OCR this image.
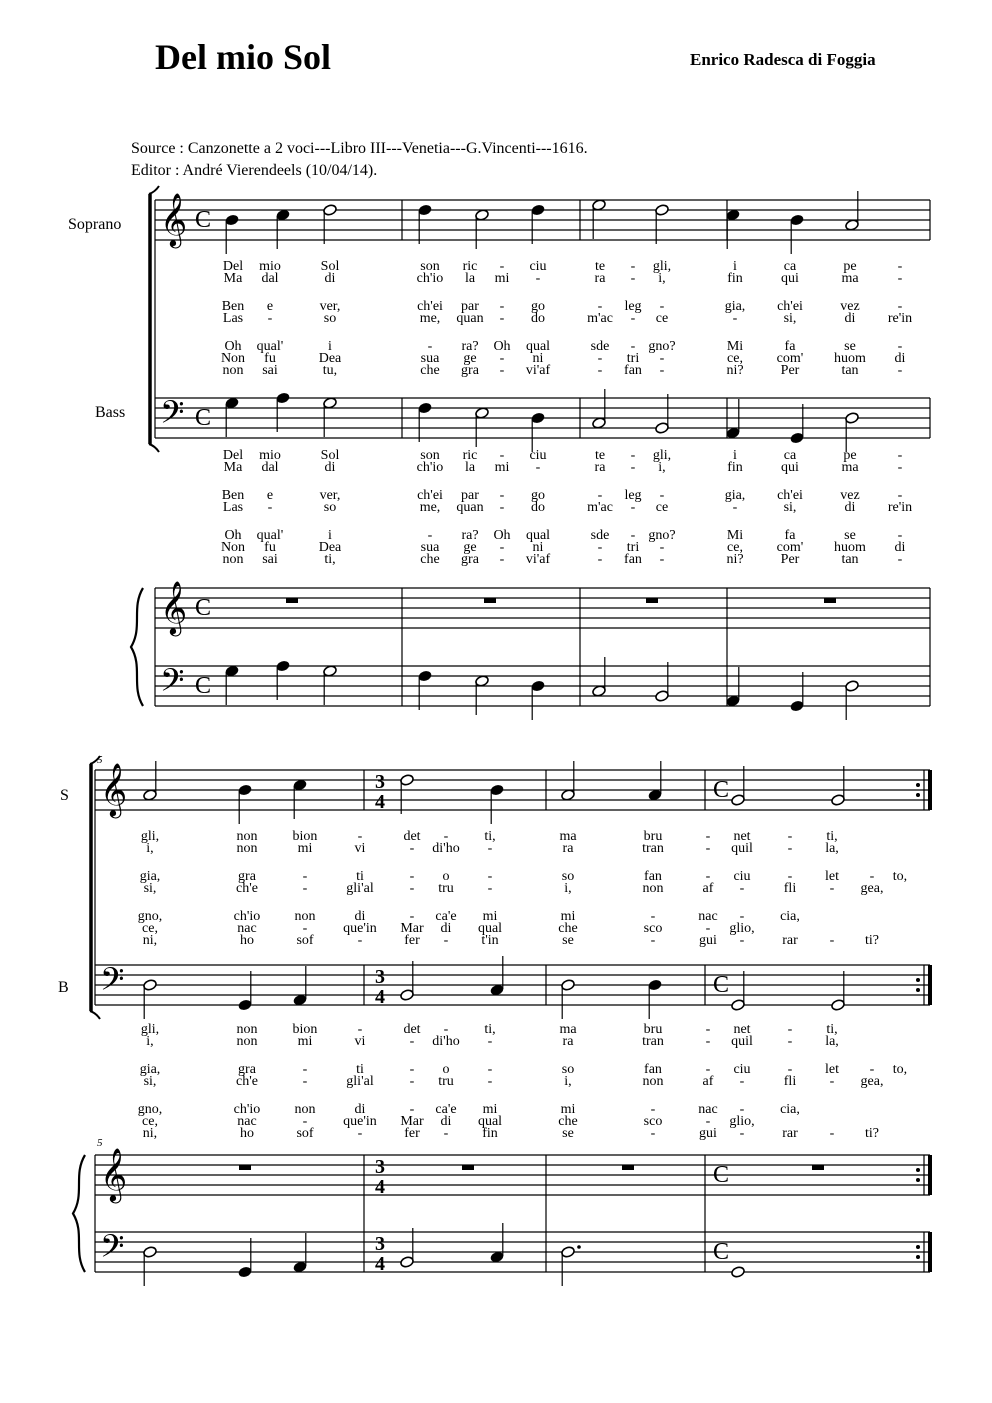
Del mio Sol	Enrico Radesca di Foggia
Source : Canzonette a 2 voci---Libro III---Venetia---G.Vincenti---1616.
Editor : André Vierendeels (10/04/14).
Soprano
Bass
𝄞
𝄢
𝄞
𝄢
C
C
C
C
Del mio	Sol	son ric - ciu	te - gli,	i	ca	pe	-
Ma dal	di	ch'io la mi -	ra - i,	fin	qui	ma	-
Ben e	ver,	ch'ei par - go	- leg -	gia, ch'ei	vez	-
Las -	so	me, quan - do	m'ac - ce	-	si,	di re'in
Oh qual'	i	- ra? Oh qual	sde - gno?	Mi	fa	se	-
Non fu	Dea	sua ge - ni	- tri -	ce, com' huom di
non sai	tu,	che gra - vi'af	- fan -	ni?	Per	tan	-
Del mio	Sol	son ric - ciu	te - gli,	i	ca	pe	-
Ma dal	di	ch'io la mi -	ra - i,	fin	qui	ma	-
Ben e	ver,	ch'ei par - go	- leg -	gia, ch'ei	vez	-
Las -	so	me, quan - do	m'ac - ce	-	si,	di re'in
Oh qual'	i	- ra? Oh qual	sde - gno?	Mi	fa	se	-
Non fu	Dea	sua ge - ni	- tri -	ce, com' huom di
non sai	ti,	che gra - vi'af	- fan -	ni?	Per	tan	-
S
B
5
5
𝄞
𝄢
𝄞
𝄢
3
4	C
3
4	C
3
4	C
3
4	C
gli,	non	bion	-	det -	ti,	ma	bru	- net	- ti,
i,	non	mi	vi	- di'ho -	ra	tran	- quil - la,
gia,	gra	-	ti	- o	-	so	fan	- ciu	- let - to,
si,	ch'e	-	gli'al	- tru -	i,	non	af -	fli - gea,
gno,	ch'io non	di	- ca'e mi	mi	-	nac -	cia,
ce,	nac	-	que'in Mar di qual	che	sco	- glio,
ni,	ho	sof	-	fer - t'in	se	-	gui -	rar - ti?
gli,	non	bion	-	det -	ti,	ma	bru	- net	- ti,
i,	non	mi	vi	- di'ho -	ra	tran	- quil - la,
gia,	gra	-	ti	- o	-	so	fan	- ciu	- let - to,
si,	ch'e	-	gli'al	- tru -	i,	non	af -	fli - gea,
gno,	ch'io non	di	- ca'e mi	mi	-	nac -	cia,
ce,	nac	-	que'in Mar di qual	che	sco	- glio,
ni,	ho	sof	-	fer - fin	se	-	gui -	rar - ti?
